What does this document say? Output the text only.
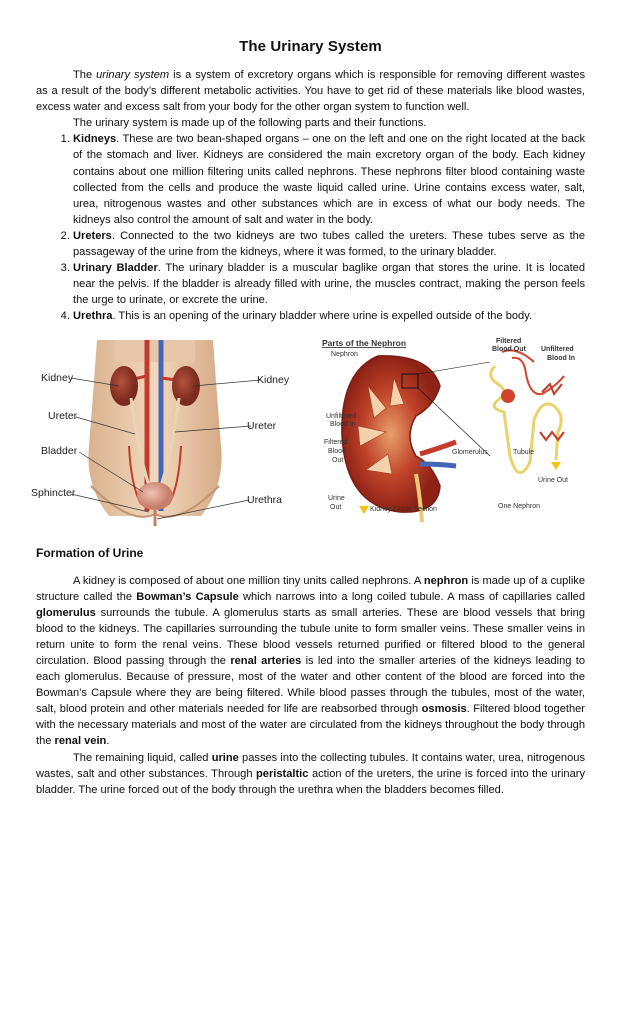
The Urinary System

The urinary system is a system of excretory organs which is responsible for removing different wastes as a result of the body’s different metabolic activities. You have to get rid of these materials like blood wastes, excess water and excess salt from your body for the other organ system to function well.

The urinary system is made up of the following parts and their functions.

1. Kidneys. These are two bean-shaped organs – one on the left and one on the right located at the back of the stomach and liver. Kidneys are considered the main excretory organ of the body. Each kidney contains about one million filtering units called nephrons. These nephrons filter blood containing waste collected from the cells and produce the waste liquid called urine. Urine contains excess water, salt, urea, nitrogenous wastes and other substances which are in excess of what our body needs. The kidneys also control the amount of salt and water in the body.
2. Ureters. Connected to the two kidneys are two tubes called the ureters. These tubes serve as the passageway of the urine from the kidneys, where it was formed, to the urinary bladder.
3. Urinary Bladder. The urinary bladder is a muscular baglike organ that stores the urine. It is located near the pelvis. If the bladder is already filled with urine, the muscles contract, making the person feels the urge to urinate, or excrete the urine.
4. Urethra. This is an opening of the urinary bladder where urine is expelled outside of the body.
Kidney	Kidney
Ureter
Ureter
Bladder
Sphincter
Urethra
Parts of the Nephron
Nephron
Filtered
Blood Out Unfiltered
Blood In
Unfiltered
Blood In
Filtered
Blood
Out
Glomerulus	Tubule
Urine Out
Urine
Out	Kidney Cross Section	One Nephron
Formation of Urine

A kidney is composed of about one million tiny units called nephrons. A nephron is made up of a cuplike structure called the Bowman’s Capsule which narrows into a long coiled tubule. A mass of capillaries called glomerulus surrounds the tubule. A glomerulus starts as small arteries. These are blood vessels that bring blood to the kidneys. The capillaries surrounding the tubule unite to form smaller veins. These smaller veins in return unite to form the renal veins. These blood vessels returned purified or filtered blood to the general circulation. Blood passing through the renal arteries is led into the smaller arteries of the kidneys leading to each glomerulus. Because of pressure, most of the water and other content of the blood are forced into the Bowman’s Capsule where they are being filtered. While blood passes through the tubules, most of the water, salt, blood protein and other materials needed for life are reabsorbed through osmosis. Filtered blood together with the necessary materials and most of the water are circulated from the kidneys throughout the body through the renal vein.

The remaining liquid, called urine passes into the collecting tubules. It contains water, urea, nitrogenous wastes, salt and other substances. Through peristaltic action of the ureters, the urine is forced into the urinary bladder. The urine forced out of the body through the urethra when the bladders becomes filled.
